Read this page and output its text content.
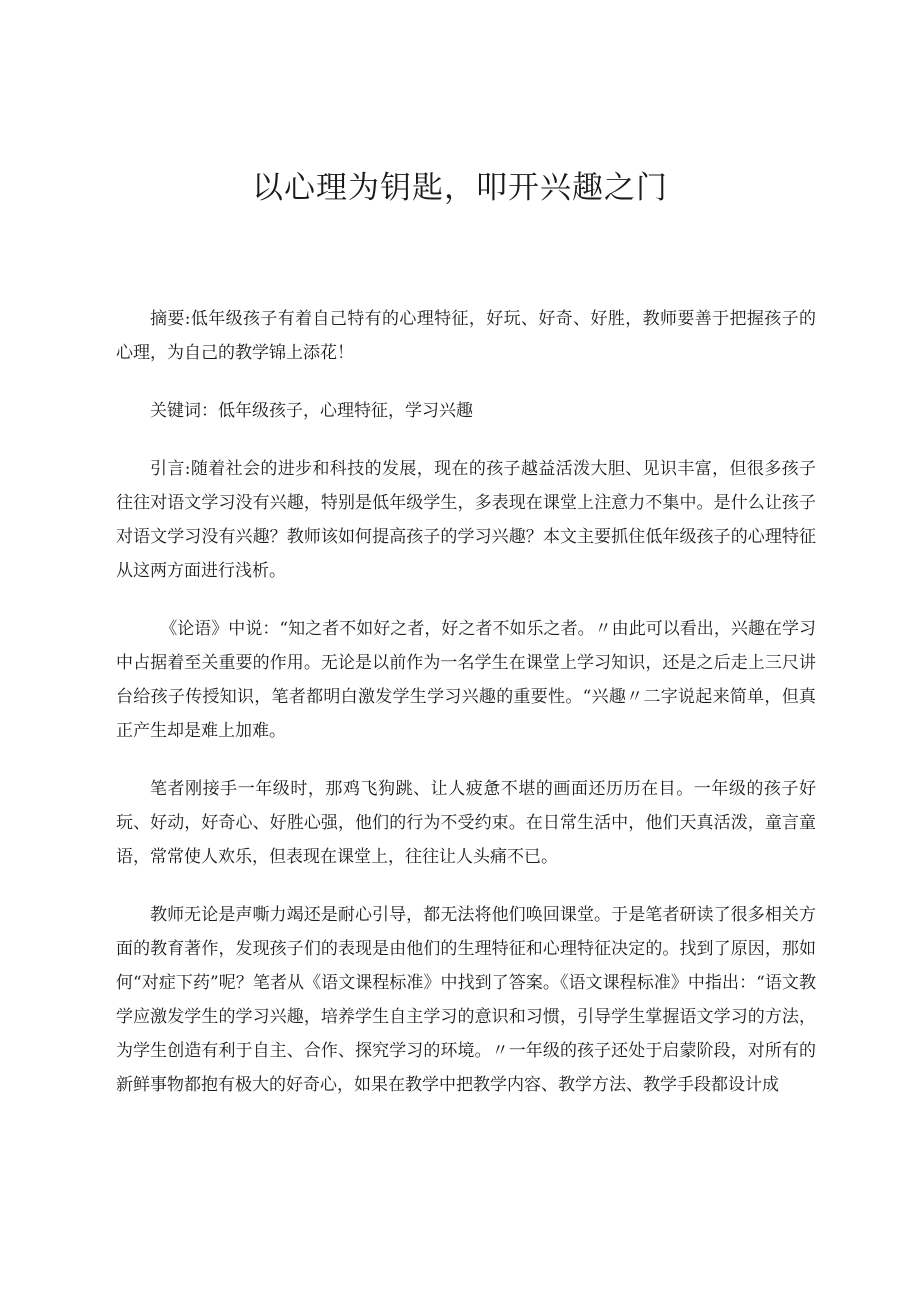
以心理为钥匙，叩开兴趣之门

摘要:低年级孩子有着自己特有的心理特征，好玩、好奇、好胜，教师要善于把握孩子的心理，为自己的教学锦上添花！

关键词：低年级孩子，心理特征，学习兴趣

引言:随着社会的进步和科技的发展，现在的孩子越益活泼大胆、见识丰富，但很多孩子往往对语文学习没有兴趣，特别是低年级学生，多表现在课堂上注意力不集中。是什么让孩子对语文学习没有兴趣？教师该如何提高孩子的学习兴趣？本文主要抓住低年级孩子的心理特征从这两方面进行浅析。

《论语》中说：“知之者不如好之者，好之者不如乐之者。〃由此可以看出，兴趣在学习中占据着至关重要的作用。无论是以前作为一名学生在课堂上学习知识，还是之后走上三尺讲台给孩子传授知识，笔者都明白激发学生学习兴趣的重要性。“兴趣〃二字说起来简单，但真正产生却是难上加难。

笔者刚接手一年级时，那鸡飞狗跳、让人疲惫不堪的画面还历历在目。一年级的孩子好玩、好动，好奇心、好胜心强，他们的行为不受约束。在日常生活中，他们天真活泼，童言童语，常常使人欢乐，但表现在课堂上，往往让人头痛不已。

教师无论是声嘶力竭还是耐心引导，都无法将他们唤回课堂。于是笔者研读了很多相关方面的教育著作，发现孩子们的表现是由他们的生理特征和心理特征决定的。找到了原因，那如何“对症下药”呢？笔者从《语文课程标准》中找到了答案。《语文课程标准》中指出：“语文教学应激发学生的学习兴趣，培养学生自主学习的意识和习惯，引导学生掌握语文学习的方法，为学生创造有利于自主、合作、探究学习的环境。〃一年级的孩子还处于启蒙阶段，对所有的新鲜事物都抱有极大的好奇心，如果在教学中把教学内容、教学方法、教学手段都设计成
